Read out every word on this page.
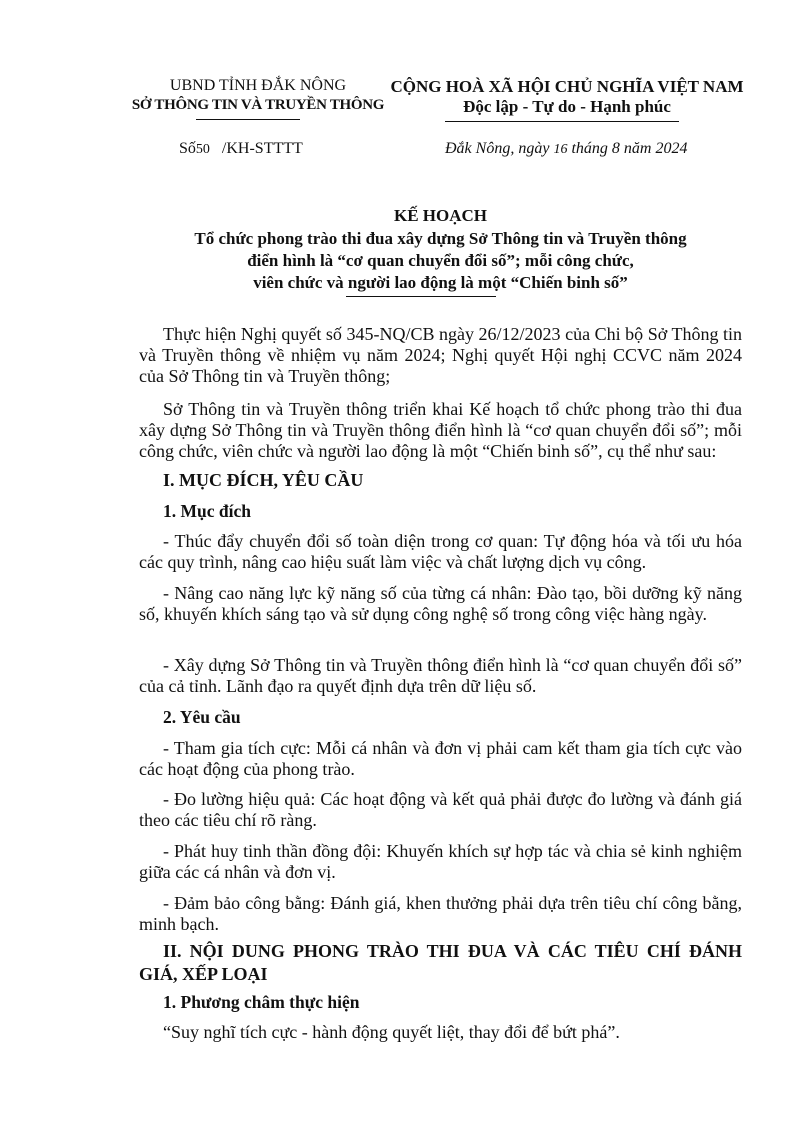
UBND TỈNH ĐẮK NÔNG
SỞ THÔNG TIN VÀ TRUYỀN THÔNG
CỘNG HOÀ XÃ HỘI CHỦ NGHĨA VIỆT NAM
Độc lập - Tự do - Hạnh phúc
Số50 /KH-STTTT	Đắk Nông, ngày 16 tháng 8 năm 2024
KẾ HOẠCH
Tổ chức phong trào thi đua xây dựng Sở Thông tin và Truyền thông
điển hình là “cơ quan chuyển đổi số”; mỗi công chức,
viên chức và người lao động là một “Chiến binh số”

Thực hiện Nghị quyết số 345-NQ/CB ngày 26/12/2023 của Chi bộ Sở Thông tin và Truyền thông về nhiệm vụ năm 2024; Nghị quyết Hội nghị CCVC năm 2024 của Sở Thông tin và Truyền thông;

Sở Thông tin và Truyền thông triển khai Kế hoạch tổ chức phong trào thi đua xây dựng Sở Thông tin và Truyền thông điển hình là “cơ quan chuyển đổi số”; mỗi công chức, viên chức và người lao động là một “Chiến binh số”, cụ thể như sau:

I. MỤC ĐÍCH, YÊU CẦU
1. Mục đích

- Thúc đẩy chuyển đổi số toàn diện trong cơ quan: Tự động hóa và tối ưu hóa các quy trình, nâng cao hiệu suất làm việc và chất lượng dịch vụ công.

- Nâng cao năng lực kỹ năng số của từng cá nhân: Đào tạo, bồi dưỡng kỹ năng số, khuyến khích sáng tạo và sử dụng công nghệ số trong công việc hàng ngày.

- Xây dựng Sở Thông tin và Truyền thông điển hình là “cơ quan chuyển đổi số” của cả tỉnh. Lãnh đạo ra quyết định dựa trên dữ liệu số.

2. Yêu cầu

- Tham gia tích cực: Mỗi cá nhân và đơn vị phải cam kết tham gia tích cực vào các hoạt động của phong trào.

- Đo lường hiệu quả: Các hoạt động và kết quả phải được đo lường và đánh giá theo các tiêu chí rõ ràng.

- Phát huy tinh thần đồng đội: Khuyến khích sự hợp tác và chia sẻ kinh nghiệm giữa các cá nhân và đơn vị.

- Đảm bảo công bằng: Đánh giá, khen thưởng phải dựa trên tiêu chí công bằng, minh bạch.

II. NỘI DUNG PHONG TRÀO THI ĐUA VÀ CÁC TIÊU CHÍ ĐÁNH GIÁ, XẾP LOẠI

1. Phương châm thực hiện

“Suy nghĩ tích cực - hành động quyết liệt, thay đổi để bứt phá”.
